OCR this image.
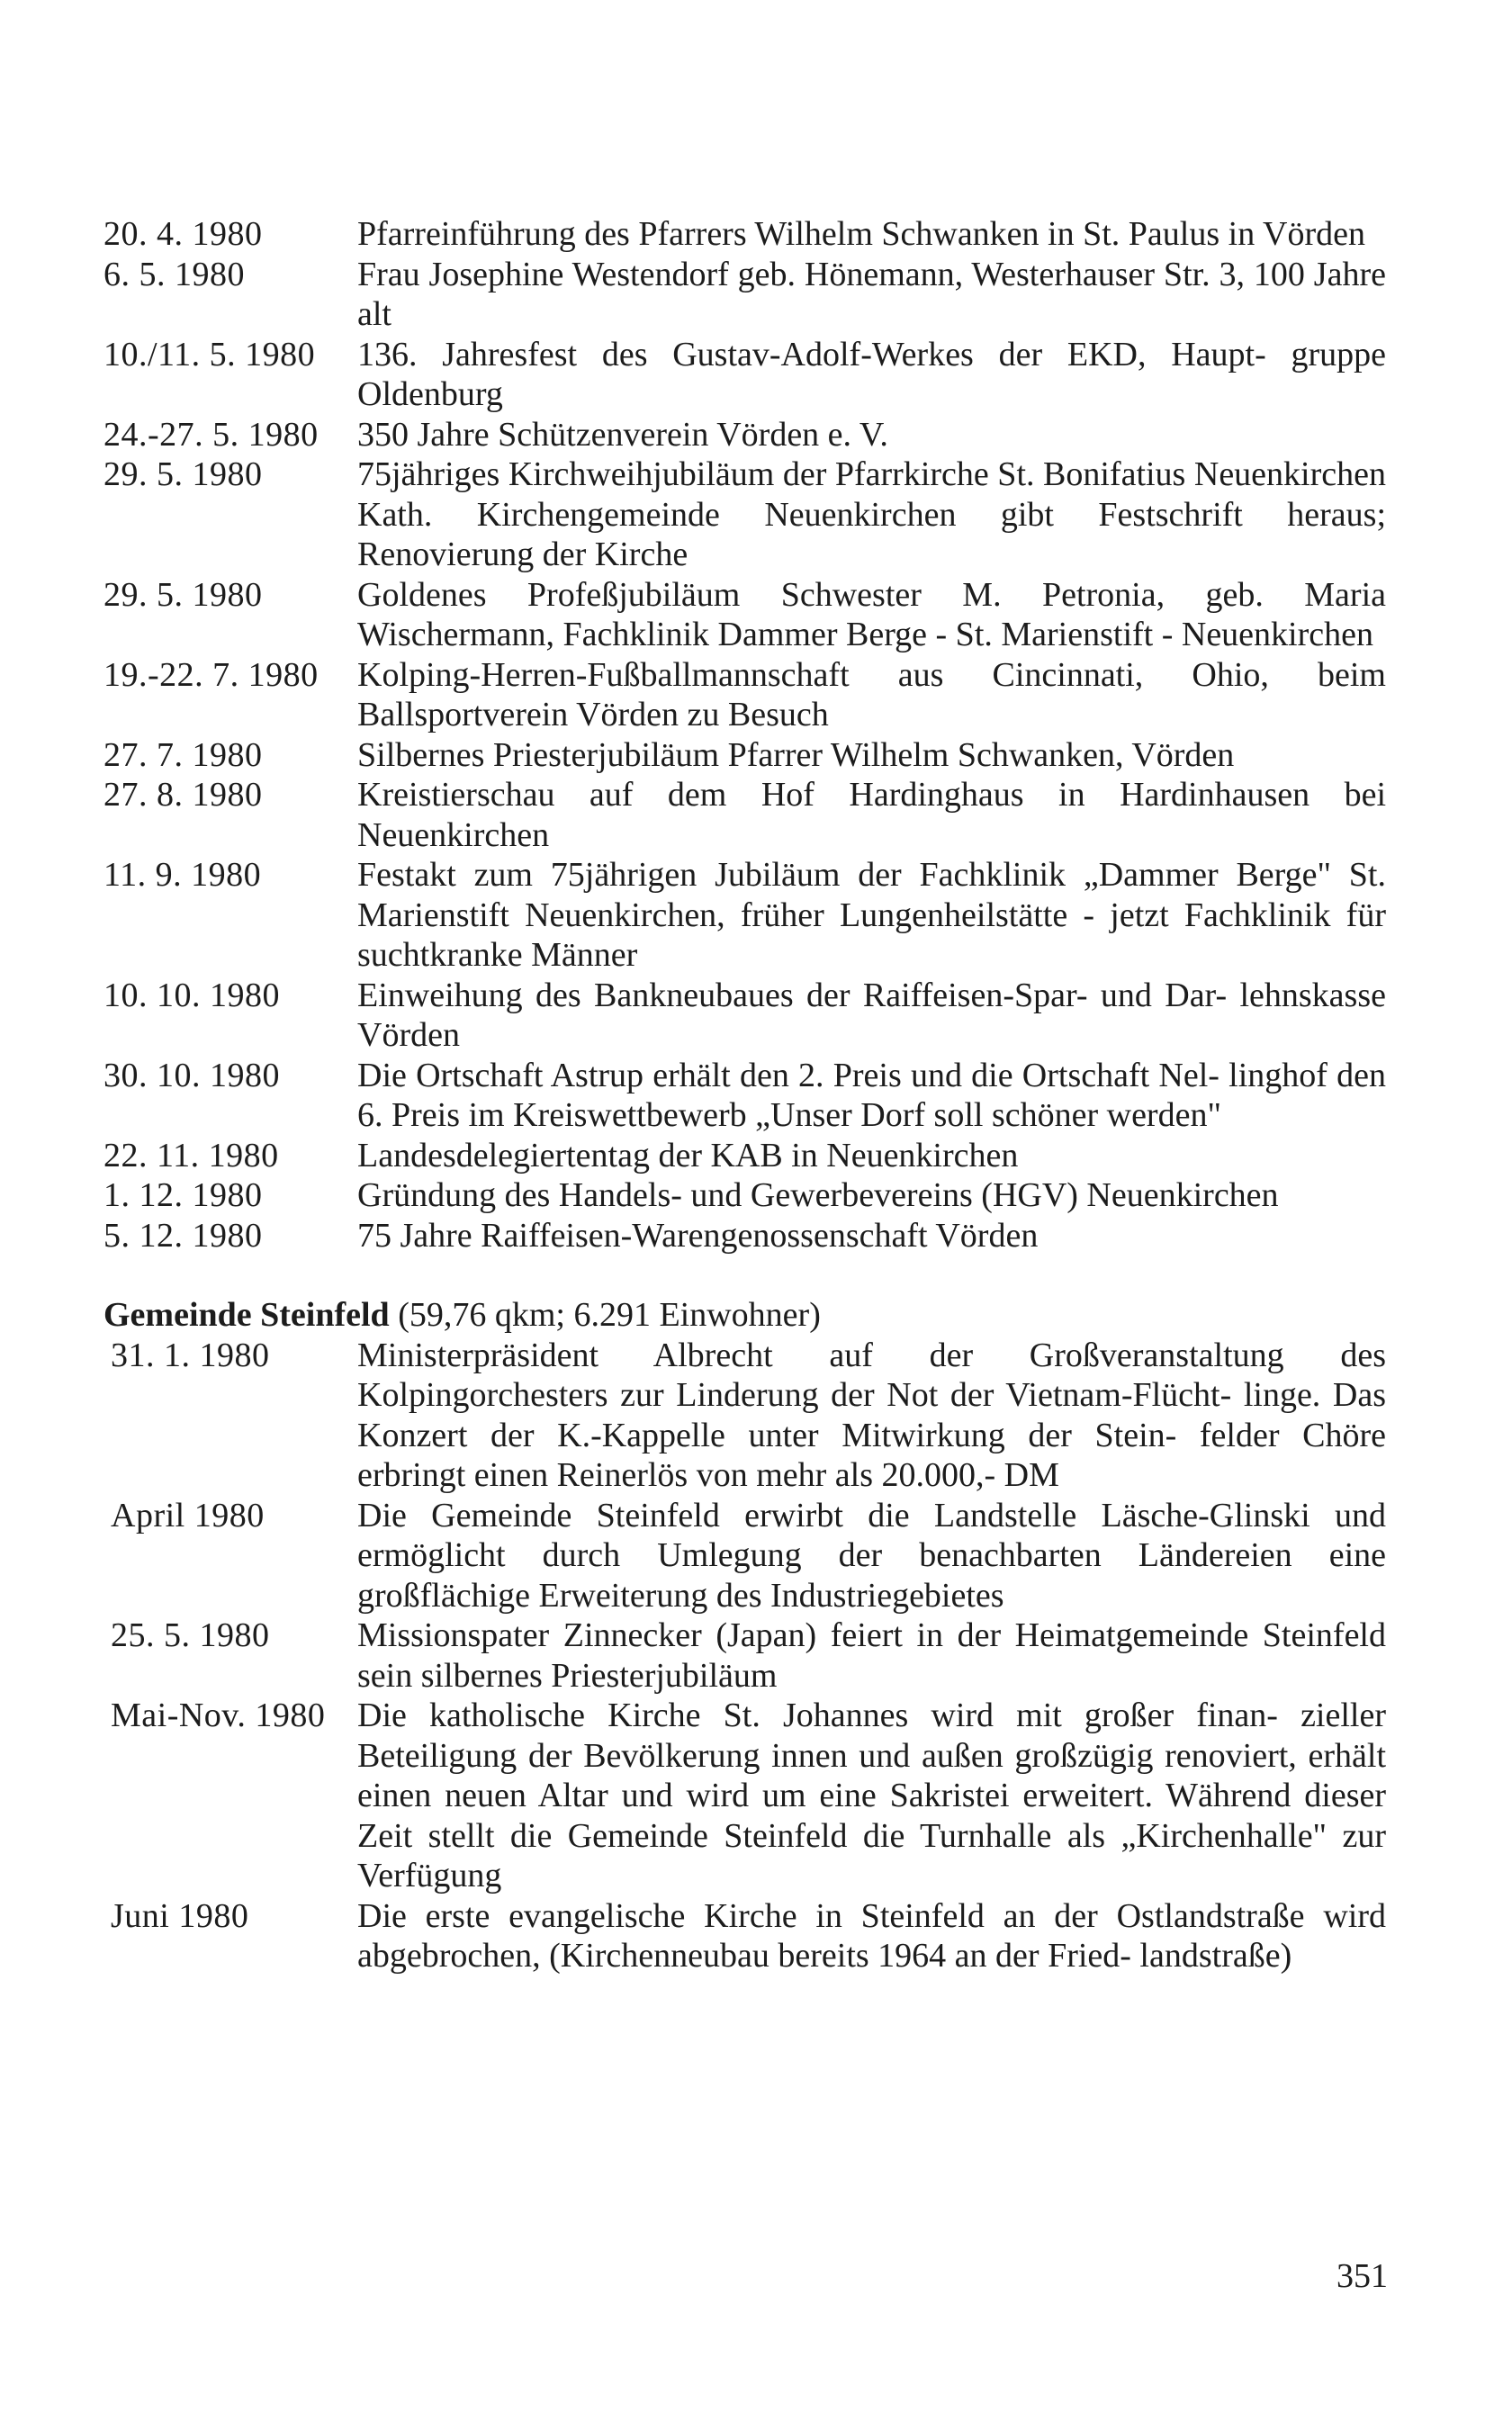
20. 4. 1980	Pfarreinführung des Pfarrers Wilhelm Schwanken in St. Paulus in Vörden
6. 5. 1980	Frau Josephine Westendorf geb. Hönemann, Westerhauser Str. 3, 100 Jahre alt
10./11. 5. 1980	136. Jahresfest des Gustav-Adolf-Werkes der EKD, Haupt- gruppe Oldenburg
24.-27. 5. 1980	350 Jahre Schützenverein Vörden e. V.
29. 5. 1980	75jähriges Kirchweihjubiläum der Pfarrkirche St. Bonifatius Neuenkirchen Kath. Kirchengemeinde Neuenkirchen gibt Festschrift heraus; Renovierung der Kirche
29. 5. 1980	Goldenes Profeßjubiläum Schwester M. Petronia, geb. Maria Wischermann, Fachklinik Dammer Berge - St. Marienstift - Neuenkirchen
19.-22. 7. 1980	Kolping-Herren-Fußballmannschaft aus Cincinnati, Ohio, beim Ballsportverein Vörden zu Besuch
27. 7. 1980	Silbernes Priesterjubiläum Pfarrer Wilhelm Schwanken, Vörden
27. 8. 1980	Kreistierschau auf dem Hof Hardinghaus in Hardinhausen bei Neuenkirchen
11. 9. 1980	Festakt zum 75jährigen Jubiläum der Fachklinik „Dammer Berge" St. Marienstift Neuenkirchen, früher Lungenheilstätte - jetzt Fachklinik für suchtkranke Männer
10. 10. 1980	Einweihung des Bankneubaues der Raiffeisen-Spar- und Dar- lehnskasse Vörden
30. 10. 1980	Die Ortschaft Astrup erhält den 2. Preis und die Ortschaft Nel- linghof den 6. Preis im Kreiswettbewerb „Unser Dorf soll schöner werden"
22. 11. 1980	Landesdelegiertentag der KAB in Neuenkirchen
1. 12. 1980	Gründung des Handels- und Gewerbevereins (HGV) Neuenkirchen
5. 12. 1980	75 Jahre Raiffeisen-Warengenossenschaft Vörden
Gemeinde Steinfeld (59,76 qkm; 6.291 Einwohner)
31. 1. 1980	Ministerpräsident Albrecht auf der Großveranstaltung des Kolpingorchesters zur Linderung der Not der Vietnam-Flücht- linge. Das Konzert der K.-Kappelle unter Mitwirkung der Stein- felder Chöre erbringt einen Reinerlös von mehr als 20.000,- DM
April 1980	Die Gemeinde Steinfeld erwirbt die Landstelle Läsche-Glinski und ermöglicht durch Umlegung der benachbarten Ländereien eine großflächige Erweiterung des Industriegebietes
25. 5. 1980	Missionspater Zinnecker (Japan) feiert in der Heimatgemeinde Steinfeld sein silbernes Priesterjubiläum
Mai-Nov. 1980 Die katholische Kirche St. Johannes wird mit großer finan- zieller Beteiligung der Bevölkerung innen und außen großzügig renoviert, erhält einen neuen Altar und wird um eine Sakristei erweitert. Während dieser Zeit stellt die Gemeinde Steinfeld die Turnhalle als „Kirchenhalle" zur Verfügung
Juni 1980	Die erste evangelische Kirche in Steinfeld an der Ostlandstraße wird abgebrochen, (Kirchenneubau bereits 1964 an der Fried- landstraße)
351
